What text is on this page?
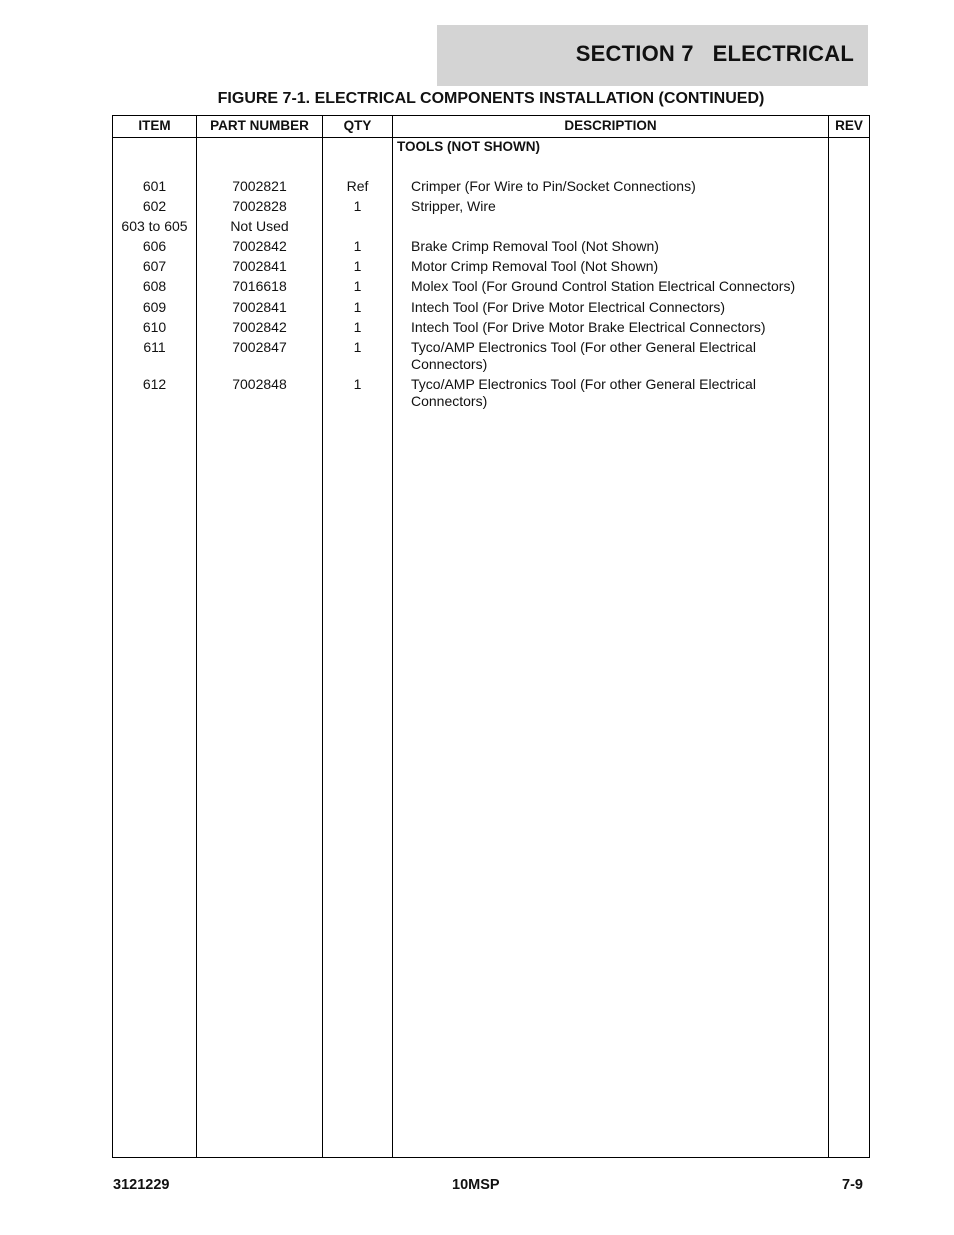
SECTION 7   ELECTRICAL
FIGURE 7-1. ELECTRICAL COMPONENTS INSTALLATION (CONTINUED)
ITEM	PART NUMBER	QTY	DESCRIPTION	REV
TOOLS (NOT SHOWN)
601	7002821	Ref	Crimper (For Wire to Pin/Socket Connections)
602	7002828	1	Stripper, Wire
603 to 605	Not Used
606	7002842	1	Brake Crimp Removal Tool (Not Shown)
607	7002841	1	Motor Crimp Removal Tool (Not Shown)
608	7016618	1	Molex Tool (For Ground Control Station Electrical Connectors)
609	7002841	1	Intech Tool (For Drive Motor Electrical Connectors)
610	7002842	1	Intech Tool (For Drive Motor Brake Electrical Connectors)
611	7002847	1	Tyco/AMP Electronics Tool (For other General Electrical Connectors)
612	7002848	1	Tyco/AMP Electronics Tool (For other General Electrical Connectors)
3121229	10MSP	7-9
